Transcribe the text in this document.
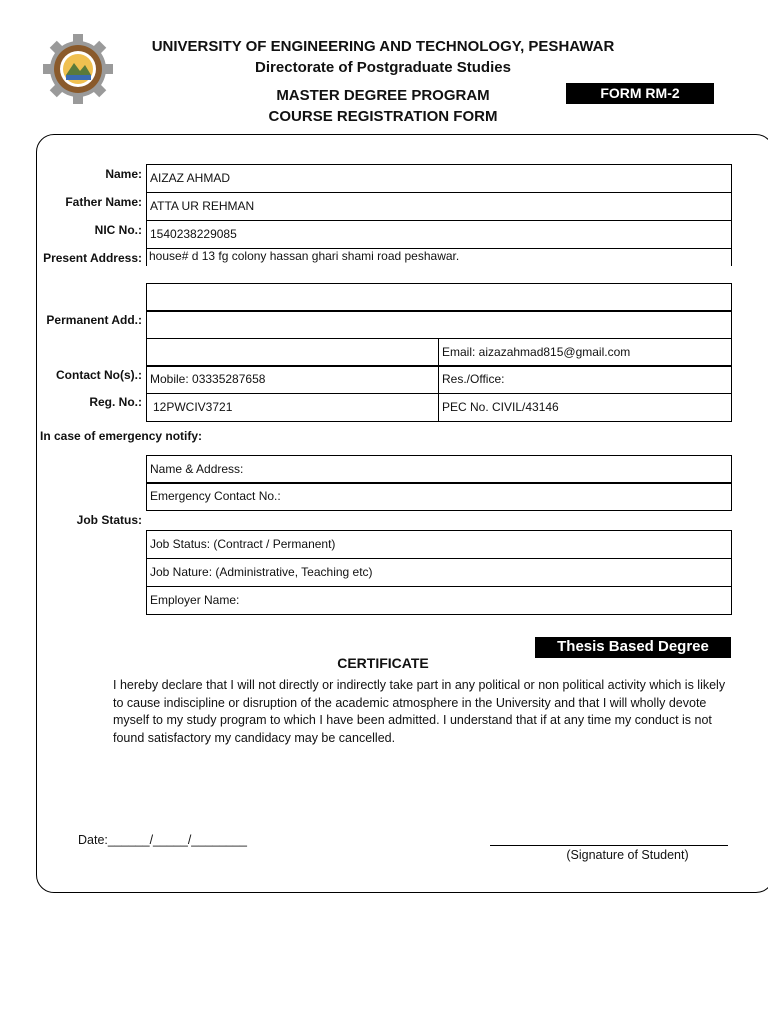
UNIVERSITY OF ENGINEERING AND TECHNOLOGY, PESHAWAR
Directorate of Postgraduate Studies
MASTER DEGREE PROGRAM
COURSE REGISTRATION FORM
FORM RM-2
Name: AIZAZ AHMAD
Father Name: ATTA UR REHMAN
NIC No.: 1540238229085
Present Address: house# d 13 fg colony hassan ghari shami road peshawar.
Permanent Add.:
Email: aizazahmad815@gmail.com
Contact No(s).: Mobile: 03335287658	Res./Office:
Reg. No.: 12PWCIV3721	PEC No. CIVIL/43146
In case of emergency notify:
Name & Address:
Emergency Contact No.:
Job Status:
Job Status: (Contract / Permanent)
Job Nature: (Administrative, Teaching etc)
Employer Name:
Thesis Based Degree
CERTIFICATE
I hereby declare that I will not directly or indirectly take part in any political or non political activity which is likely to cause indiscipline or disruption of the academic atmosphere in the University and that I will wholly devote myself to my study program to which I have been admitted. I understand that if at any time my conduct is not found satisfactory my candidacy may be cancelled.
Date:______/_____/________
(Signature of Student)
